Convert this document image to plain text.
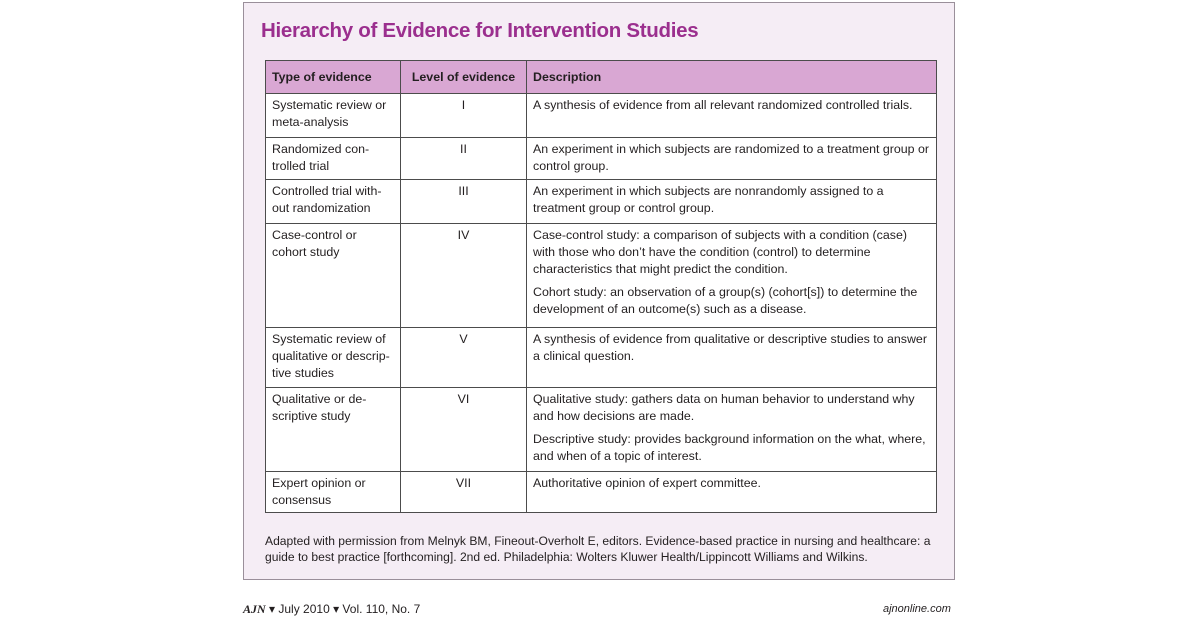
Hierarchy of Evidence for Intervention Studies
Type of evidence	Level of evidence	Description
Systematic review or meta-analysis	I	A synthesis of evidence from all relevant randomized controlled trials.

Randomized con-trolled trial	II	An experiment in which subjects are randomized to a treatment group or control group.

Controlled trial with-out randomization	III	An experiment in which subjects are nonrandomly assigned to a treatment group or control group.

Case-control or cohort study	IV	Case-control study: a comparison of subjects with a condition (case) with those who don’t have the condition (control) to determine characteristics that might predict the condition.

Cohort study: an observation of a group(s) (cohort[s]) to determine the development of an outcome(s) such as a disease.

Systematic review of qualitative or descrip-tive studies	V	A synthesis of evidence from qualitative or descriptive studies to answer a clinical question.

Qualitative or de-scriptive study	VI	Qualitative study: gathers data on human behavior to understand why and how decisions are made.

Descriptive study: provides background information on the what, where, and when of a topic of interest.

Expert opinion or consensus	VII	Authoritative opinion of expert committee.

Adapted with permission from Melnyk BM, Fineout-Overholt E, editors. Evidence-based practice in nursing and healthcare: a guide to best practice [forthcoming]. 2nd ed. Philadelphia: Wolters Kluwer Health/Lippincott Williams and Wilkins.

AJN ▾ July 2010 ▾ Vol. 110, No. 7	ajnonline.com
